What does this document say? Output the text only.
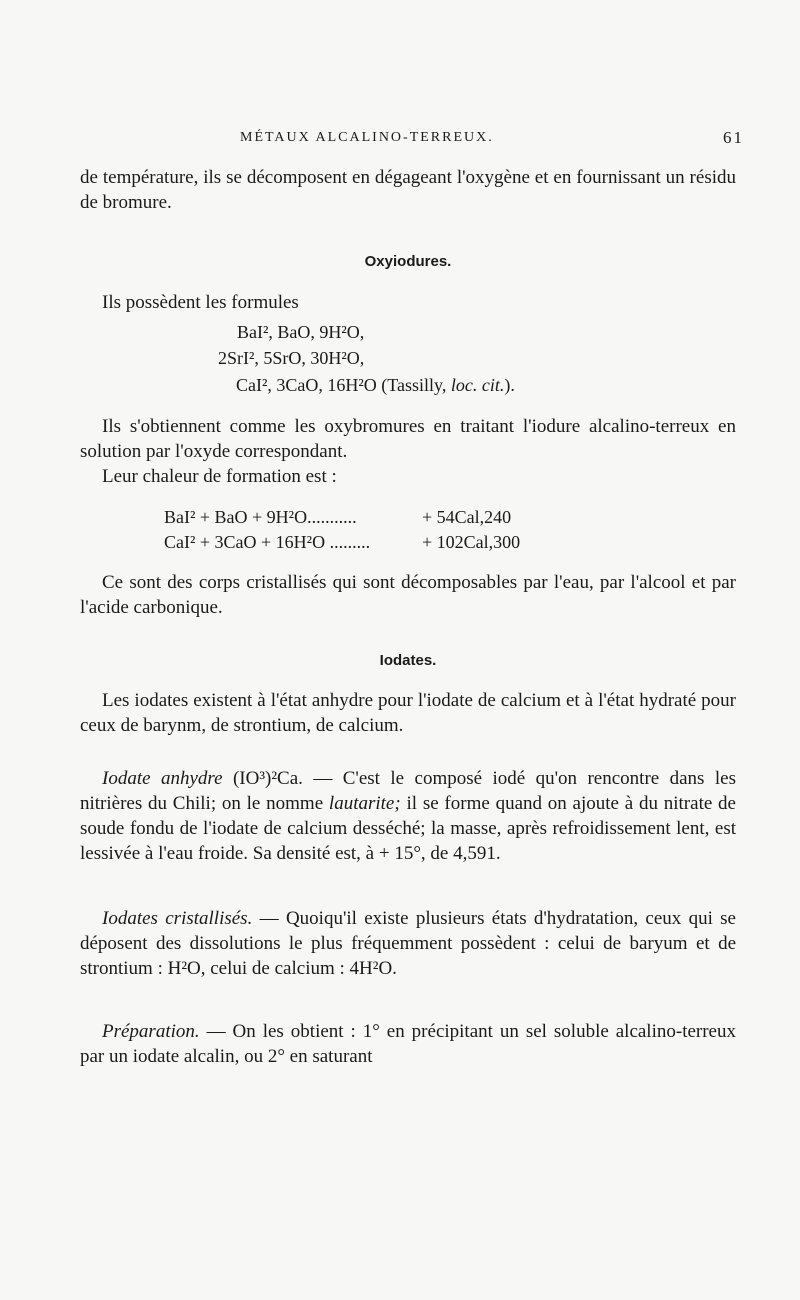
MÉTAUX ALCALINO-TERREUX.	61
de température, ils se décomposent en dégageant l'oxygène et en fournissant un résidu de bromure.
Oxyiodures.
Ils possèdent les formules
BaI², BaO, 9H²O,
2SrI², 5SrO, 30H²O,
CaI², 3CaO, 16H²O (Tassilly, loc. cit.).
Ils s'obtiennent comme les oxybromures en traitant l'iodure alcalino-terreux en solution par l'oxyde correspondant.
Leur chaleur de formation est :
BaI² + BaO + 9H²O...........	+ 54Cal,240
CaI² + 3CaO + 16H²O .........	+ 102Cal,300
Ce sont des corps cristallisés qui sont décomposables par l'eau, par l'alcool et par l'acide carbonique.
Iodates.
Les iodates existent à l'état anhydre pour l'iodate de calcium et à l'état hydraté pour ceux de barynm, de strontium, de calcium.
Iodate anhydre (IO³)²Ca. — C'est le composé iodé qu'on rencontre dans les nitrières du Chili; on le nomme lautarite; il se forme quand on ajoute à du nitrate de soude fondu de l'iodate de calcium desséché; la masse, après refroidissement lent, est lessivée à l'eau froide. Sa densité est, à + 15°, de 4,591.
Iodates cristallisés. — Quoiqu'il existe plusieurs états d'hydratation, ceux qui se déposent des dissolutions le plus fréquemment possèdent : celui de baryum et de strontium : H²O, celui de calcium : 4H²O.
Préparation. — On les obtient : 1° en précipitant un sel soluble alcalino-terreux par un iodate alcalin, ou 2° en saturant
